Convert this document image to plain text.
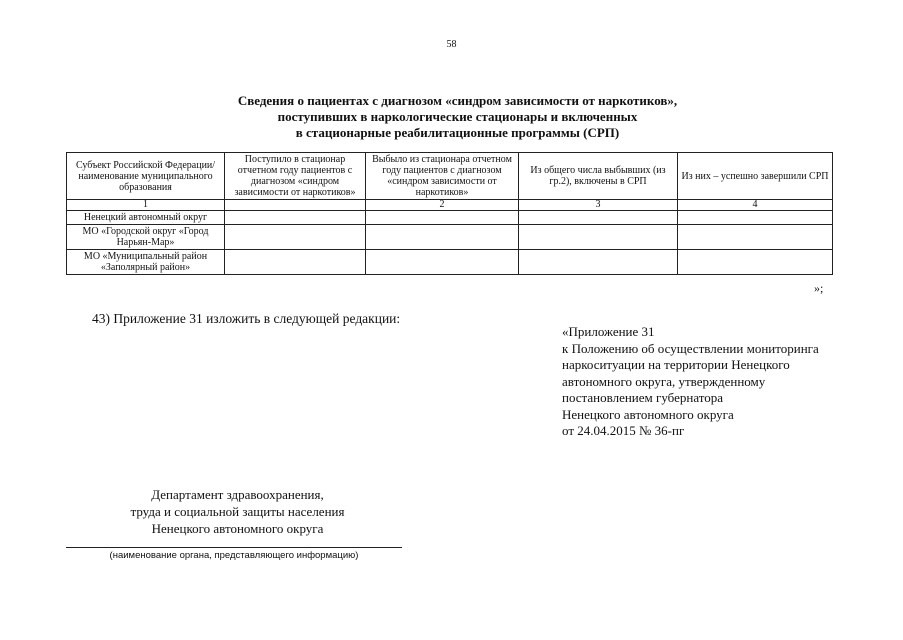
58
Сведения о пациентах с диагнозом «синдром зависимости от наркотиков»,
поступивших в наркологические стационары и включенных
в стационарные реабилитационные программы (СРП)
Субъект Российской Федерации/ наименование муниципального образования	Поступило в стационар отчетном году пациентов с диагнозом «синдром зависимости от наркотиков»	Выбыло из стационара отчетном году пациентов с диагнозом «синдром зависимости от наркотиков»	Из общего числа выбывших (из гр.2), включены в СРП	Из них – успешно завершили СРП
1		2	3	4
Ненецкий автономный округ				
МО «Городской округ «Город Нарьян-Мар»				
МО «Муниципальный район «Заполярный район»				
»;
43) Приложение 31 изложить в следующей редакции:
«Приложение 31
к Положению об осуществлении мониторинга
наркоситуации на территории Ненецкого
автономного округа, утвержденному
постановлением губернатора
Ненецкого автономного округа
от 24.04.2015 № 36-пг
Департамент здравоохранения,
труда и социальной защиты населения
Ненецкого автономного округа
(наименование органа, представляющего информацию)
